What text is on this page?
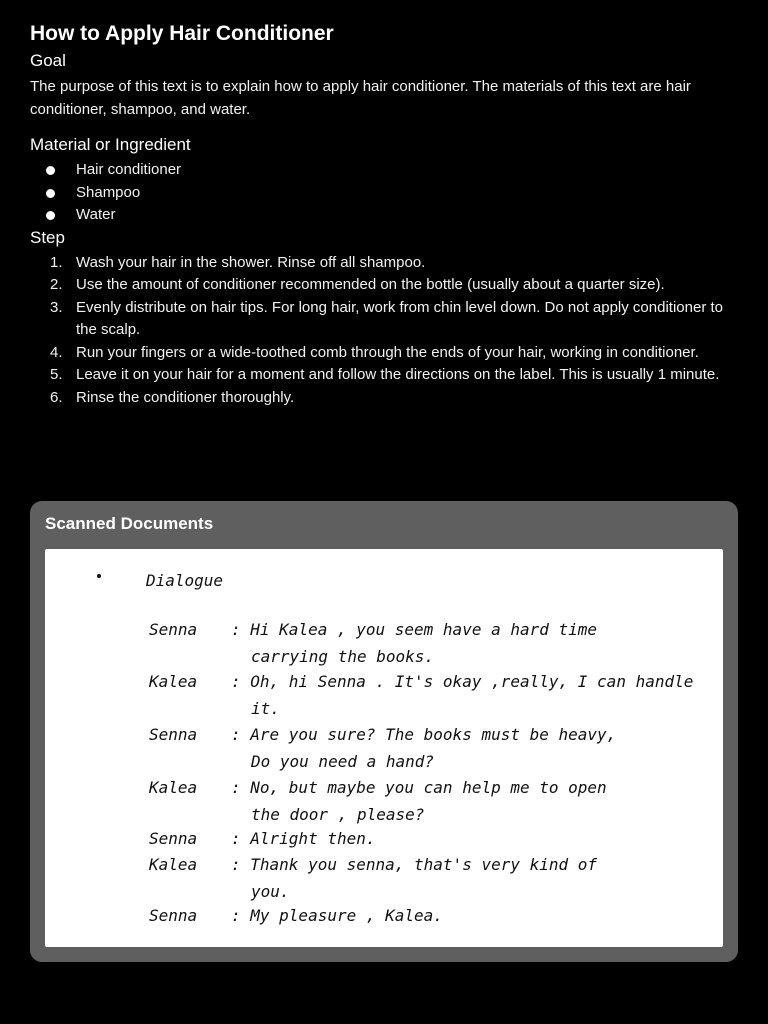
How to Apply Hair Conditioner
Goal

The purpose of this text is to explain how to apply hair conditioner. The materials of this text are hair conditioner, shampoo, and water.

Material or Ingredient
Hair conditioner
Shampoo
Water
Step
1. Wash your hair in the shower. Rinse off all shampoo.
2. Use the amount of conditioner recommended on the bottle (usually about a quarter size).
3. Evenly distribute on hair tips. For long hair, work from chin level down. Do not apply conditioner to the scalp.
4. Run your fingers or a wide-toothed comb through the ends of your hair, working in conditioner.
5. Leave it on your hair for a moment and follow the directions on the label. This is usually 1 minute.
6. Rinse the conditioner thoroughly.
Scanned Documents
Dialogue
Senna : Hi Kalea , you seem have a hard time
carrying the books.
Kalea : Oh, hi Senna . It's okay ,really, I can handle
it.
Senna : Are you sure? The books must be heavy,
Do you need a hand?
Kalea : No, but maybe you can help me to open
the door , please?
Senna : Alright then.
Kalea : Thank you senna, that's very kind of
you.
Senna : My pleasure , Kalea.
